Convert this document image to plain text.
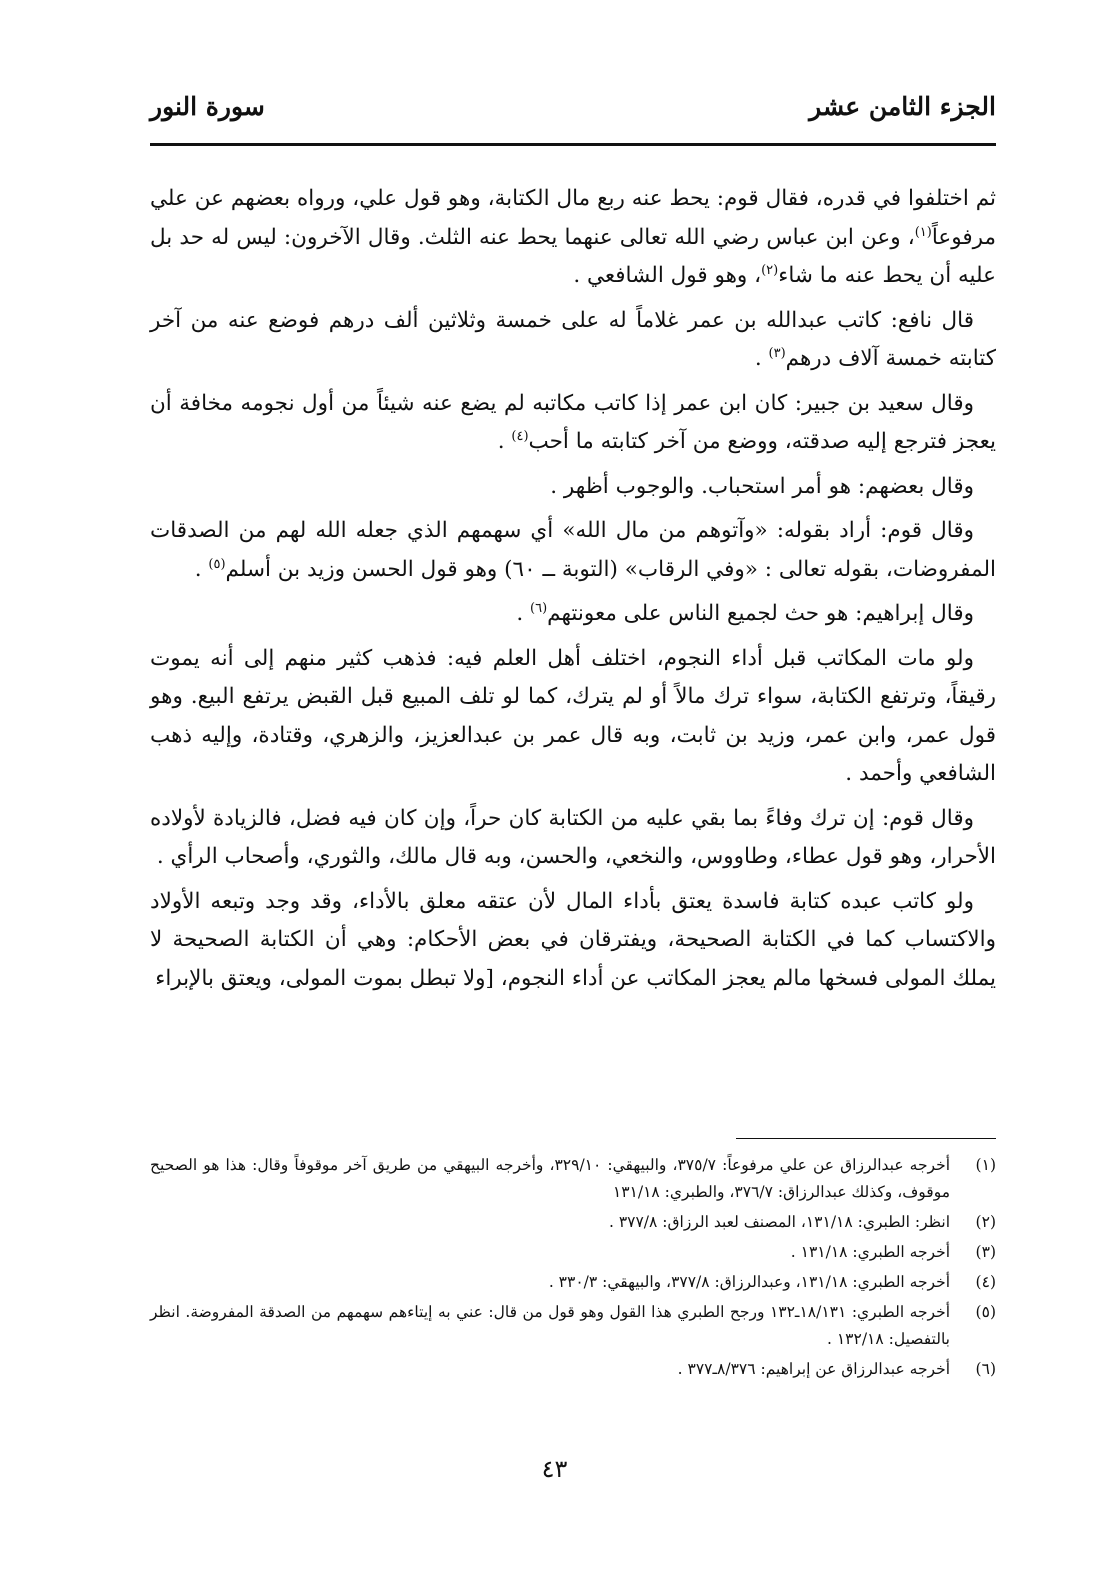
الجزء الثامن عشر
سورة النور

ثم اختلفوا في قدره، فقال قوم: يحط عنه ربع مال الكتابة، وهو قول علي، ورواه بعضهم عن علي مرفوعاً$^{(١)}$، وعن ابن عباس رضي الله تعالى عنهما يحط عنه الثلث. وقال الآخرون: ليس له حد بل عليه أن يحط عنه ما شاء$^{(٢)}$، وهو قول الشافعي .

قال نافع: كاتب عبدالله بن عمر غلاماً له على خمسة وثلاثين ألف درهم فوضع عنه من آخر كتابته خمسة آلاف درهم$^{(٣)}$ .

وقال سعيد بن جبير: كان ابن عمر إذا كاتب مكاتبه لم يضع عنه شيئاً من أول نجومه مخافة أن يعجز فترجع إليه صدقته، ووضع من آخر كتابته ما أحب$^{(٤)}$ .

وقال بعضهم: هو أمر استحباب. والوجوب أظهر .

وقال قوم: أراد بقوله: «وآتوهم من مال الله» أي سهمهم الذي جعله الله لهم من الصدقات المفروضات، بقوله تعالى : «وفي الرقاب» (التوبة ــ ٦٠) وهو قول الحسن وزيد بن أسلم$^{(٥)}$ .

وقال إبراهيم: هو حث لجميع الناس على معونتهم$^{(٦)}$ .

ولو مات المكاتب قبل أداء النجوم، اختلف أهل العلم فيه: فذهب كثير منهم إلى أنه يموت رقيقاً، وترتفع الكتابة، سواء ترك مالاً أو لم يترك، كما لو تلف المبيع قبل القبض يرتفع البيع. وهو قول عمر، وابن عمر، وزيد بن ثابت، وبه قال عمر بن عبدالعزيز، والزهري، وقتادة، وإليه ذهب الشافعي وأحمد .

وقال قوم: إن ترك وفاءً بما بقي عليه من الكتابة كان حراً، وإن كان فيه فضل، فالزيادة لأولاده الأحرار، وهو قول عطاء، وطاووس، والنخعي، والحسن، وبه قال مالك، والثوري، وأصحاب الرأي .

ولو كاتب عبده كتابة فاسدة يعتق بأداء المال لأن عتقه معلق بالأداء، وقد وجد وتبعه الأولاد والاكتساب كما في الكتابة الصحيحة، ويفترقان في بعض الأحكام: وهي أن الكتابة الصحيحة لا يملك المولى فسخها مالم يعجز المكاتب عن أداء النجوم، [ولا تبطل بموت المولى، ويعتق بالإبراء

(١)
أخرجه عبدالرزاق عن علي مرفوعاً: ٣٧٥/٧، والبيهقي: ٣٢٩/١٠، وأخرجه البيهقي من طريق آخر موقوفاً وقال: هذا هو الصحيح موقوف، وكذلك عبدالرزاق: ٣٧٦/٧، والطبري: ١٣١/١٨
(٢)
انظر: الطبري: ١٣١/١٨، المصنف لعبد الرزاق: ٣٧٧/٨ .
(٣)
أخرجه الطبري: ١٣١/١٨ .
(٤)
أخرجه الطبري: ١٣١/١٨، وعبدالرزاق: ٣٧٧/٨، والبيهقي: ٣٣٠/٣ .
(٥)
أخرجه الطبري: ١٨/١٣١ـ١٣٢ ورجح الطبري هذا القول وهو قول من قال: عني به إيتاءهم سهمهم من الصدقة المفروضة. انظر بالتفصيل: ١٣٢/١٨ .
(٦)
أخرجه عبدالرزاق عن إبراهيم: ٨/٣٧٦ـ٣٧٧ .
٤٣
